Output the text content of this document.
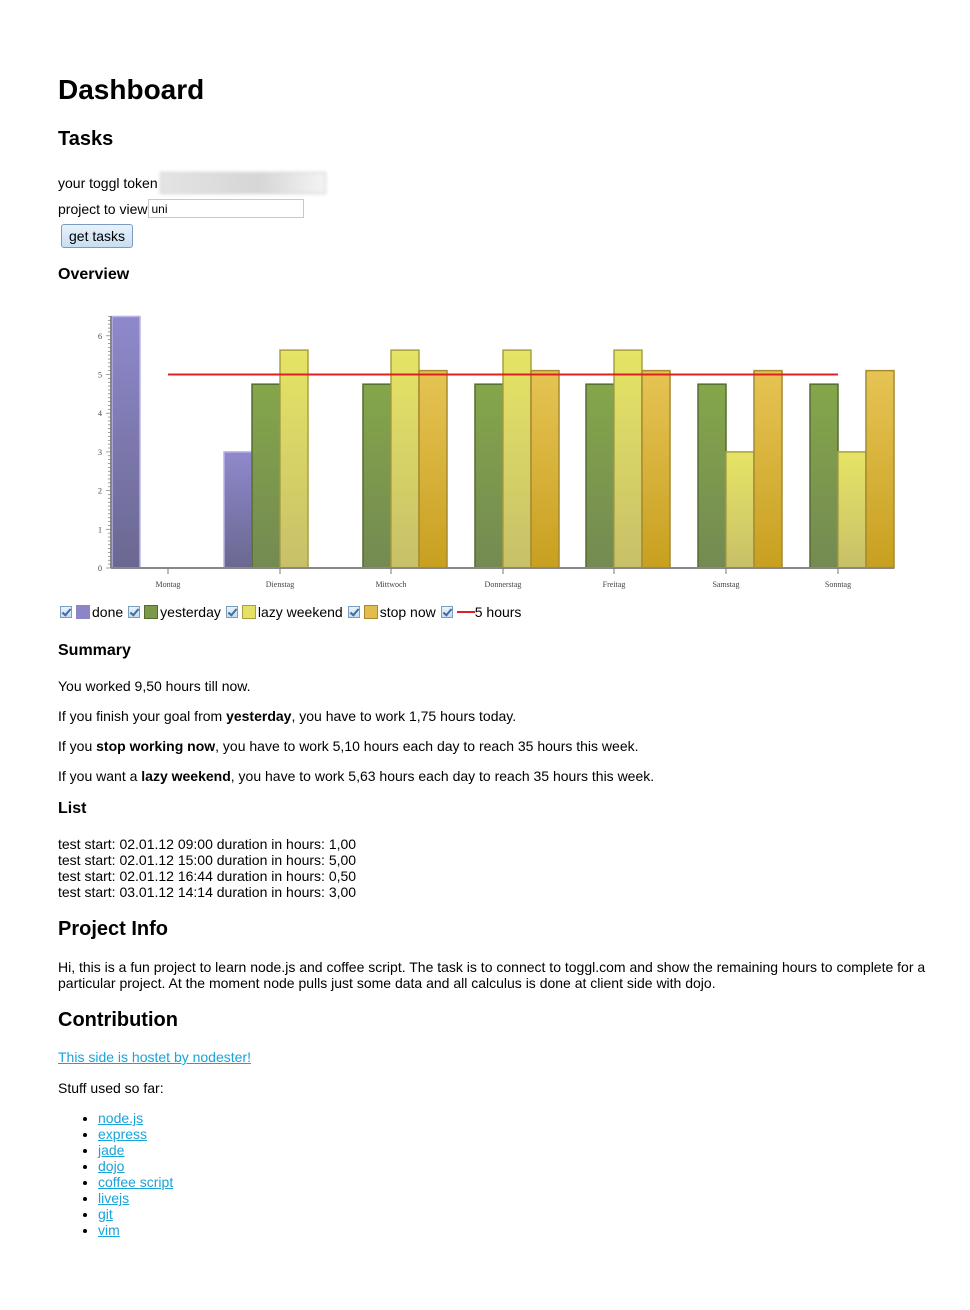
Dashboard
Tasks
your toggl token
project to view
uni
get tasks
Overview
0
1
2
3
4
5
6
Montag	Dienstag	Mittwoch	Donnerstag	Freitag	Samstag	Sonntag
done	yesterday	lazy weekend	stop now	5 hours
Summary

You worked 9,50 hours till now.

If you finish your goal from yesterday, you have to work 1,75 hours today.

If you stop working now, you have to work 5,10 hours each day to reach 35 hours this week.

If you want a lazy weekend, you have to work 5,63 hours each day to reach 35 hours this week.

List
test start: 02.01.12 09:00 duration in hours: 1,00
test start: 02.01.12 15:00 duration in hours: 5,00
test start: 02.01.12 16:44 duration in hours: 0,50
test start: 03.01.12 14:14 duration in hours: 3,00
Project Info
Hi, this is a fun project to learn node.js and coffee script. The task is to connect to toggl.com and show the remaining hours to complete for a particular project. At the moment node pulls just some data and all calculus is done at client side with dojo.
Contribution
This side is hostet by nodester!

Stuff used so far:

• node.js
• express
• jade
• dojo
• coffee script
• livejs
• git
• vim
